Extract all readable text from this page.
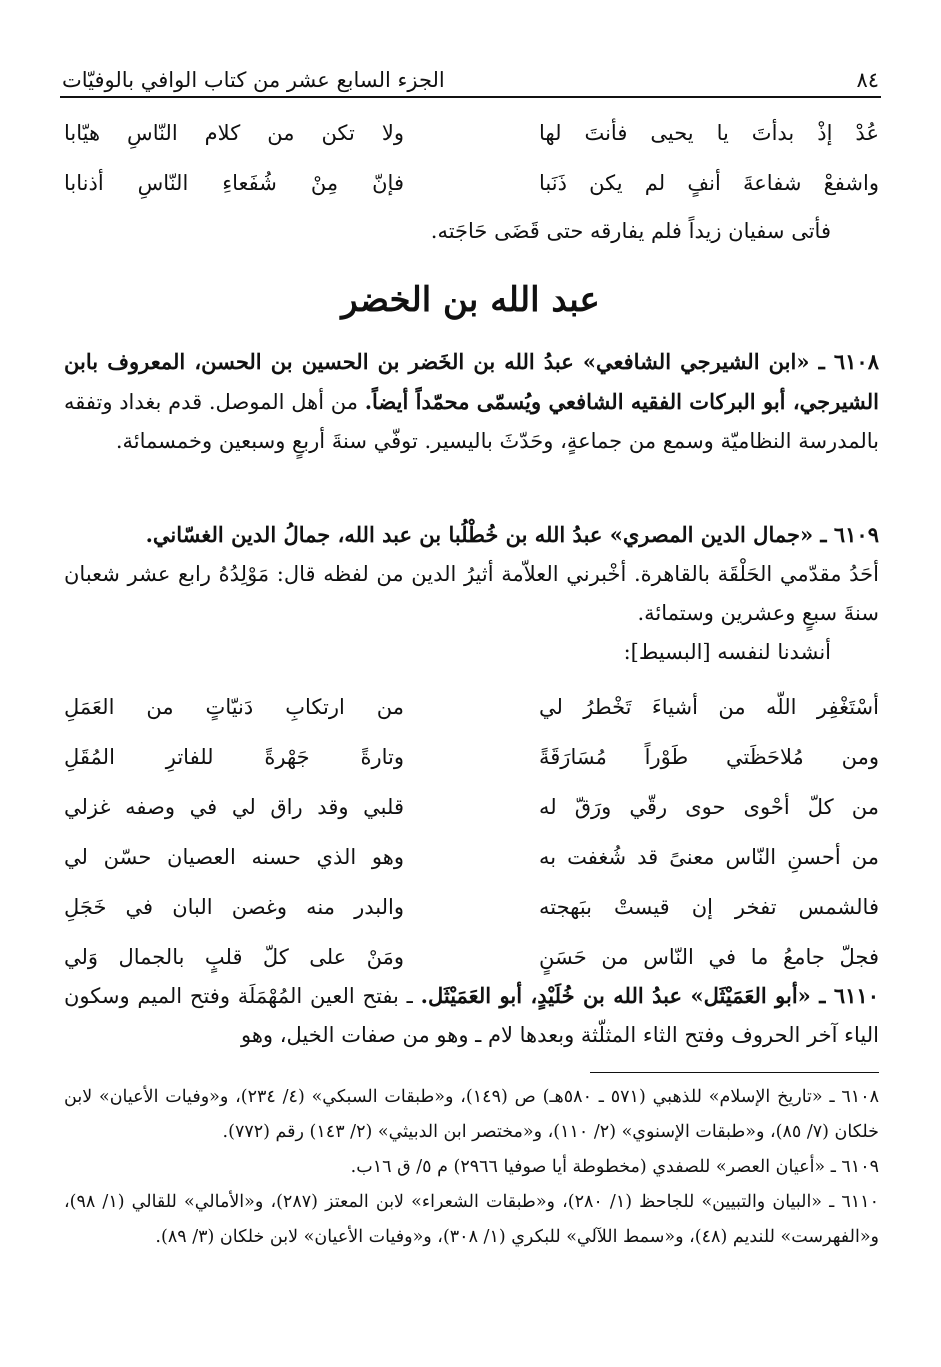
٨٤
الجزء السابع عشر من كتاب الوافي بالوفيّات
عُدْ إذْ بدأتَ يا يحيى فأنتَ لها
ولا تكن من كلام النّاسِ هيّابا
واشفعْ شفاعةَ أنفٍ لم يكن ذَنَبا
فإنّ مِنْ شُفَعاءِ النّاسِ أذنابا

فأتى سفيان زيداً فلم يفارقه حتى قَضَى حَاجَته.

عبد الله بن الخضر

٦١٠٨ ـ «ابن الشيرجي الشافعي» عبدُ الله بن الخَضر بن الحسين بن الحسن، المعروف بابن الشيرجي، أبو البركات الفقيه الشافعي ويُسمّى محمّداً أيضاً. من أهل الموصل. قدم بغداد وتفقه بالمدرسة النظاميّة وسمع من جماعةٍ، وحَدّثَ باليسير. توفّي سنةَ أربعٍ وسبعين وخمسمائة.

٦١٠٩ ـ «جمال الدين المصري» عبدُ الله بن خُطْلُبا بن عبد الله، جمالُ الدين الغسّاني.

أحَدُ مقدّمي الحَلْقَة بالقاهرة. أخْبرني العلاّمة أثيرُ الدين من لفظه قال: مَوْلِدُهُ رابع عشر شعبان سنةَ سبعٍ وعشرين وستمائة.

أنشدنا لنفسه [البسيط]:

أسْتَغْفِر اللّه من أشياءَ تَخْطرُ لي
من ارتكابِ دَنيّاتٍ من العَمَلِ
ومن مُلاحَظَتي طَوْراً مُسَارَقَةً
وتارةً جَهْرةً للفاترِ المُقَلِ
من كلّ أحْوى حوى رقّي ورَقّ له
قلبي وقد راق لي في وصفه غزلي
من أحسنِ النّاس معنىً قد شُغفت به
وهو الذي حسنه العصيان حسّن لي
فالشمس تفخر إن قيستْ ببَهجته
والبدر منه وغصن البان في خَجَلِ
فجلّ جامعُ ما في النّاس من حَسَنٍ
ومَنْ على كلّ قلبٍ بالجمال وَلي

٦١١٠ ـ «أبو العَمَيْثَل» عبدُ الله بن خُلَيْدٍ، أبو العَمَيْثَل. ـ بفتح العين المُهْمَلَة وفتح الميم وسكون الياء آخر الحروف وفتح الثاء المثلّثة وبعدها لام ـ وهو من صفات الخيل، وهو

٦١٠٨ ـ «تاريخ الإسلام» للذهبي (٥٧١ ـ ٥٨٠هـ) ص (١٤٩)، و«طبقات السبكي» (٤/ ٢٣٤)، و«وفيات الأعيان» لابن خلكان (٧/ ٨٥)، و«طبقات الإسنوي» (٢/ ١١٠)، و«مختصر ابن الدبيثي» (٢/ ١٤٣) رقم (٧٧٢).

٦١٠٩ ـ «أعيان العصر» للصفدي (مخطوطة أيا صوفيا ٢٩٦٦) م ٥/ ق ١٦ب.

٦١١٠ ـ «البيان والتبيين» للجاحظ (١/ ٢٨٠)، و«طبقات الشعراء» لابن المعتز (٢٨٧)، و«الأمالي» للقالي (١/ ٩٨)، و«الفهرست» للنديم (٤٨)، و«سمط اللآلي» للبكري (١/ ٣٠٨)، و«وفيات الأعيان» لابن خلكان (٣/ ٨٩).
